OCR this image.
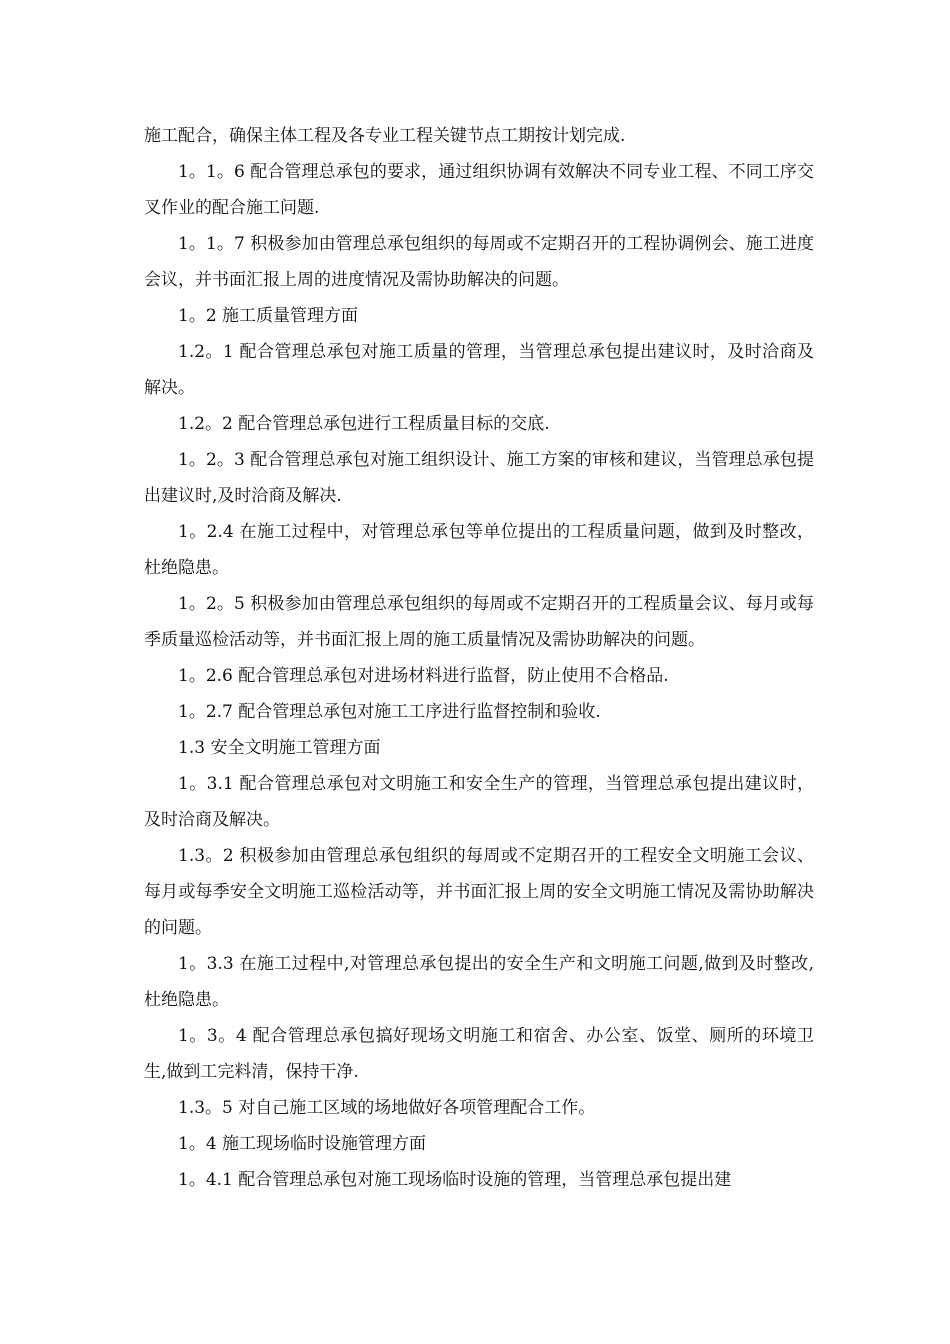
施工配合，确保主体工程及各专业工程关键节点工期按计划完成.

1。1。6 配合管理总承包的要求，通过组织协调有效解决不同专业工程、不同工序交叉作业的配合施工问题.

1。1。7 积极参加由管理总承包组织的每周或不定期召开的工程协调例会、施工进度会议，并书面汇报上周的进度情况及需协助解决的问题。

1。2 施工质量管理方面

1.2。1 配合管理总承包对施工质量的管理，当管理总承包提出建议时，及时洽商及解决。

1.2。2 配合管理总承包进行工程质量目标的交底.

1。2。3 配合管理总承包对施工组织设计、施工方案的审核和建议，当管理总承包提出建议时,及时洽商及解决.

1。2.4 在施工过程中，对管理总承包等单位提出的工程质量问题，做到及时整改，杜绝隐患。

1。2。5 积极参加由管理总承包组织的每周或不定期召开的工程质量会议、每月或每季质量巡检活动等，并书面汇报上周的施工质量情况及需协助解决的问题。

1。2.6 配合管理总承包对进场材料进行监督，防止使用不合格品.

1。2.7 配合管理总承包对施工工序进行监督控制和验收.

1.3 安全文明施工管理方面

1。3.1 配合管理总承包对文明施工和安全生产的管理，当管理总承包提出建议时，及时洽商及解决。

1.3。2 积极参加由管理总承包组织的每周或不定期召开的工程安全文明施工会议、每月或每季安全文明施工巡检活动等，并书面汇报上周的安全文明施工情况及需协助解决的问题。

1。3.3 在施工过程中,对管理总承包提出的安全生产和文明施工问题,做到及时整改,杜绝隐患。

1。3。4 配合管理总承包搞好现场文明施工和宿舍、办公室、饭堂、厕所的环境卫生,做到工完料清，保持干净.

1.3。5 对自己施工区域的场地做好各项管理配合工作。

1。4 施工现场临时设施管理方面

1。4.1 配合管理总承包对施工现场临时设施的管理，当管理总承包提出建
